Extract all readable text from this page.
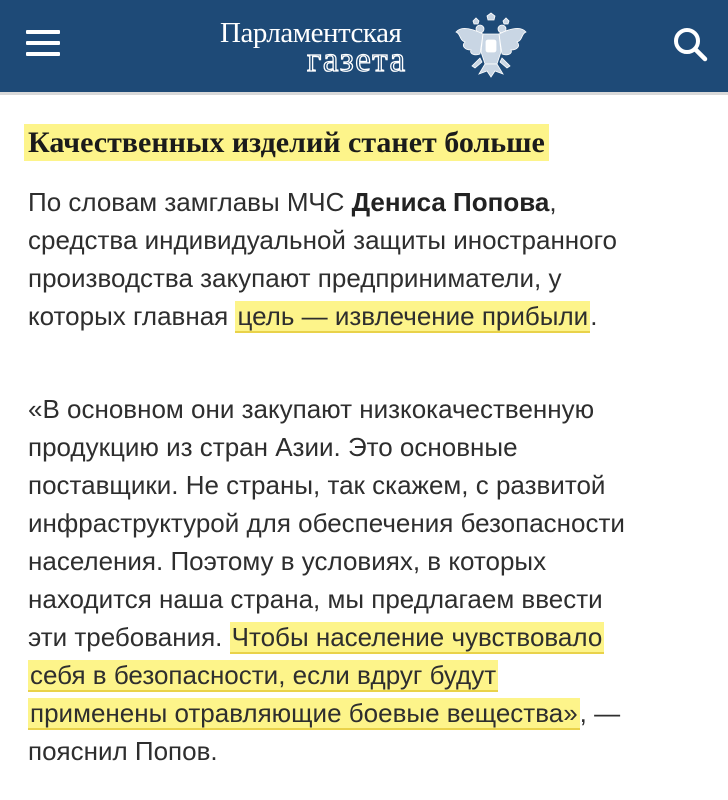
Парламентская
газета
Качественных изделий станет больше

По словам замглавы МЧС Дениса Попова,
средства индивидуальной защиты иностранного
производства закупают предприниматели, у
которых главная цель — извлечение прибыли.

«В основном они закупают низкокачественную
продукцию из стран Азии. Это основные
поставщики. Не страны, так скажем, с развитой
инфраструктурой для обеспечения безопасности
населения. Поэтому в условиях, в которых
находится наша страна, мы предлагаем ввести
эти требования. Чтобы население чувствовало
себя в безопасности, если вдруг будут
применены отравляющие боевые вещества», —
пояснил Попов.
